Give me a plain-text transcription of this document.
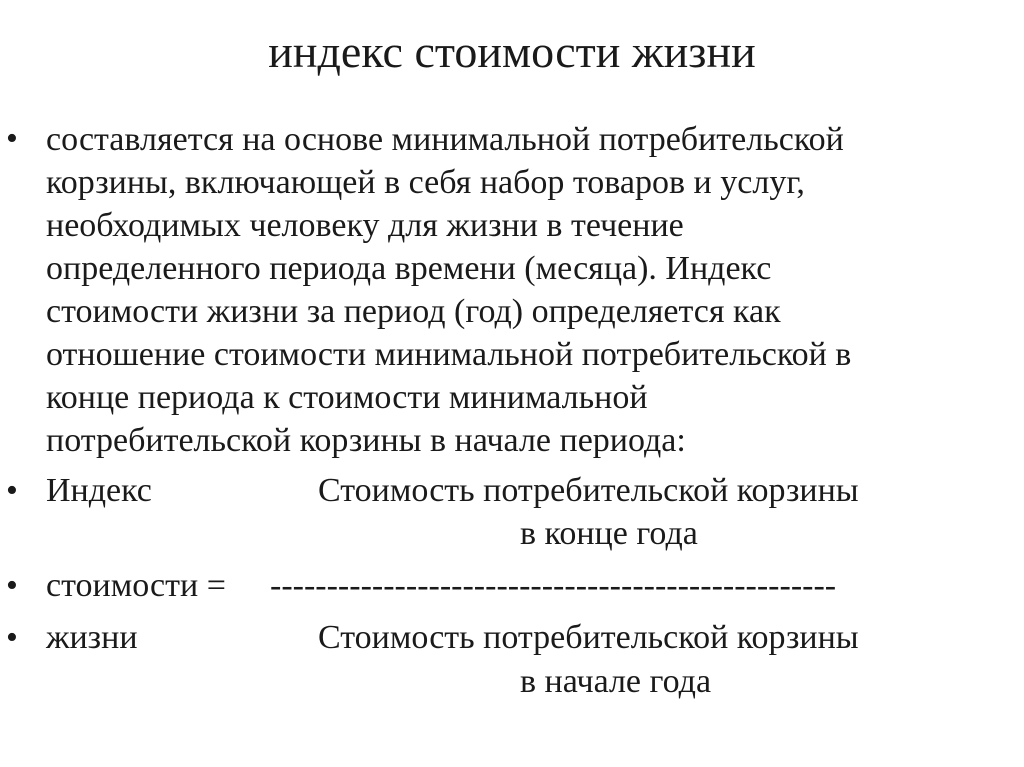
индекс стоимости жизни
• составляется на основе минимальной потребительской
корзины, включающей в себя набор товаров и услуг,
необходимых человеку для жизни в течение
определенного периода времени (месяца). Индекс
стоимости жизни за период (год) определяется как
отношение стоимости минимальной потребительской в
конце периода к стоимости минимальной
потребительской корзины в начале периода:
• Индекс	Стоимость потребительской корзины
в конце года
• стоимости = --------------------------------------------------
• жизни	Стоимость потребительской корзины
в начале года
